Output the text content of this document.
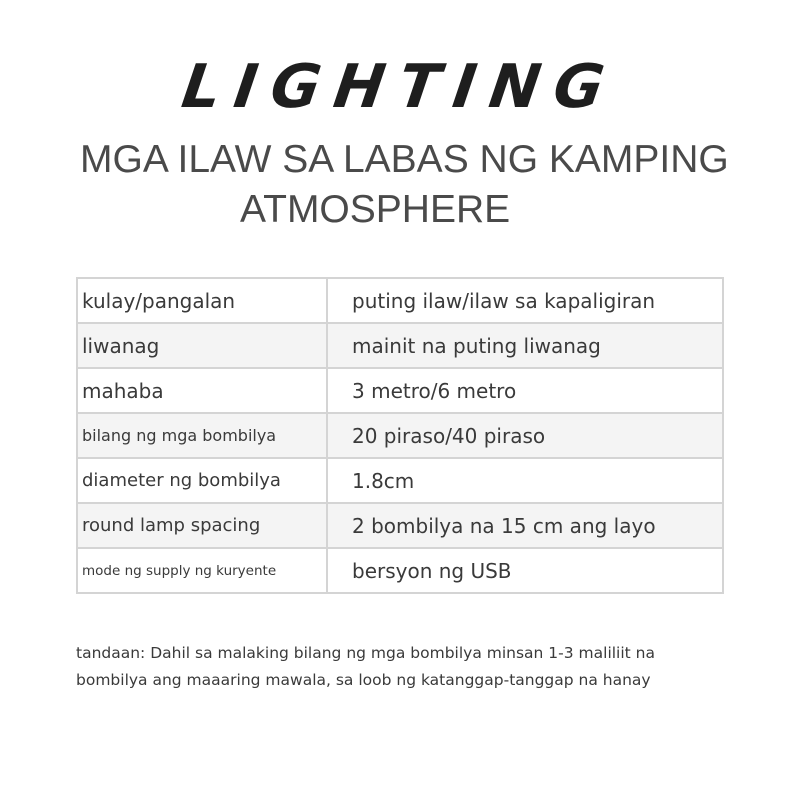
LIGHTING
MGA ILAW SA LABAS NG KAMPING
ATMOSPHERE
kulay/pangalan	puting ilaw/ilaw sa kapaligiran
liwanag	mainit na puting liwanag
mahaba	3 metro/6 metro
bilang ng mga bombilya	20 piraso/40 piraso
diameter ng bombilya	1.8cm
round lamp spacing	2 bombilya na 15 cm ang layo
mode ng supply ng kuryente	bersyon ng USB
tandaan: Dahil sa malaking bilang ng mga bombilya minsan 1-3 maliliit na
bombilya ang maaaring mawala, sa loob ng katanggap-tanggap na hanay
